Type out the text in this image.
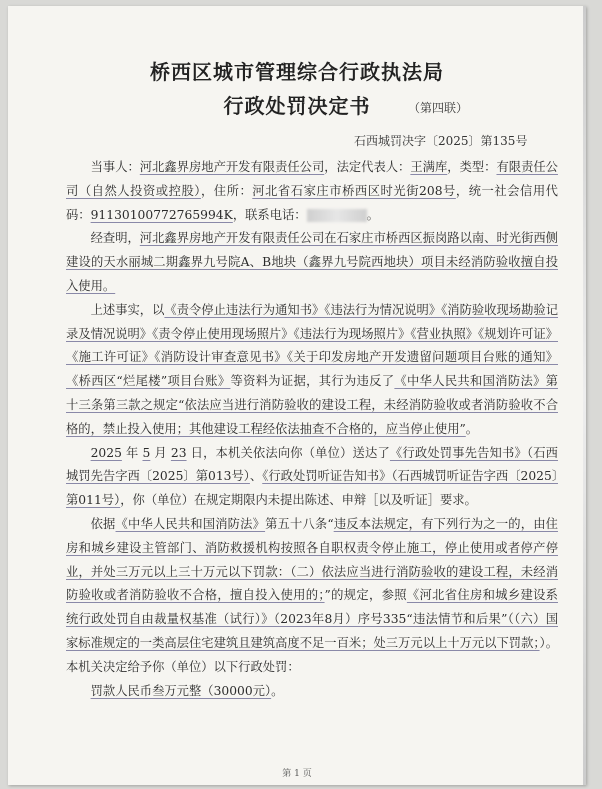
桥西区城市管理综合行政执法局
行政处罚决定书	（第四联）
石西城罚决字〔2025〕第135号

当事人：河北鑫界房地产开发有限责任公司，法定代表人：王满库，类型：有限责任公司（自然人投资或控股），住所：河北省石家庄市桥西区时光街208号，统一社会信用代码：91130100772765994K，联系电话：	。

经查明，河北鑫界房地产开发有限责任公司在石家庄市桥西区振岗路以南、时光街西侧建设的天水丽城二期鑫界九号院A、B地块（鑫界九号院西地块）项目未经消防验收擅自投入使用。

上述事实，以《责令停止违法行为通知书》《违法行为情况说明》《消防验收现场勘验记录及情况说明》《责令停止使用现场照片》《违法行为现场照片》《营业执照》《规划许可证》《施工许可证》《消防设计审查意见书》《关于印发房地产开发遗留问题项目台账的通知》《桥西区“烂尾楼”项目台账》等资料为证据，其行为违反了《中华人民共和国消防法》第十三条第三款之规定“依法应当进行消防验收的建设工程，未经消防验收或者消防验收不合格的，禁止投入使用；其他建设工程经依法抽查不合格的，应当停止使用”。

2025 年 5 月 23 日，本机关依法向你（单位）送达了《行政处罚事先告知书》（石西城罚先告字西〔2025〕第013号）、《行政处罚听证告知书》（石西城罚听证告字西〔2025〕第011号），你（单位）在规定期限内未提出陈述、申辩［以及听证］要求。

依据《中华人民共和国消防法》第五十八条“违反本法规定，有下列行为之一的，由住房和城乡建设主管部门、消防救援机构按照各自职权责令停止施工，停止使用或者停产停业，并处三万元以上三十万元以下罚款：（二）依法应当进行消防验收的建设工程，未经消防验收或者消防验收不合格，擅自投入使用的；”的规定，参照《河北省住房和城乡建设系统行政处罚自由裁量权基准（试行）》（2023年8月）序号335“违法情节和后果”（（六）国家标准规定的一类高层住宅建筑且建筑高度不足一百米；处三万元以上十万元以下罚款；）。本机关决定给予你（单位）以下行政处罚：

罚款人民币叁万元整（30000元）。

第 1 页
